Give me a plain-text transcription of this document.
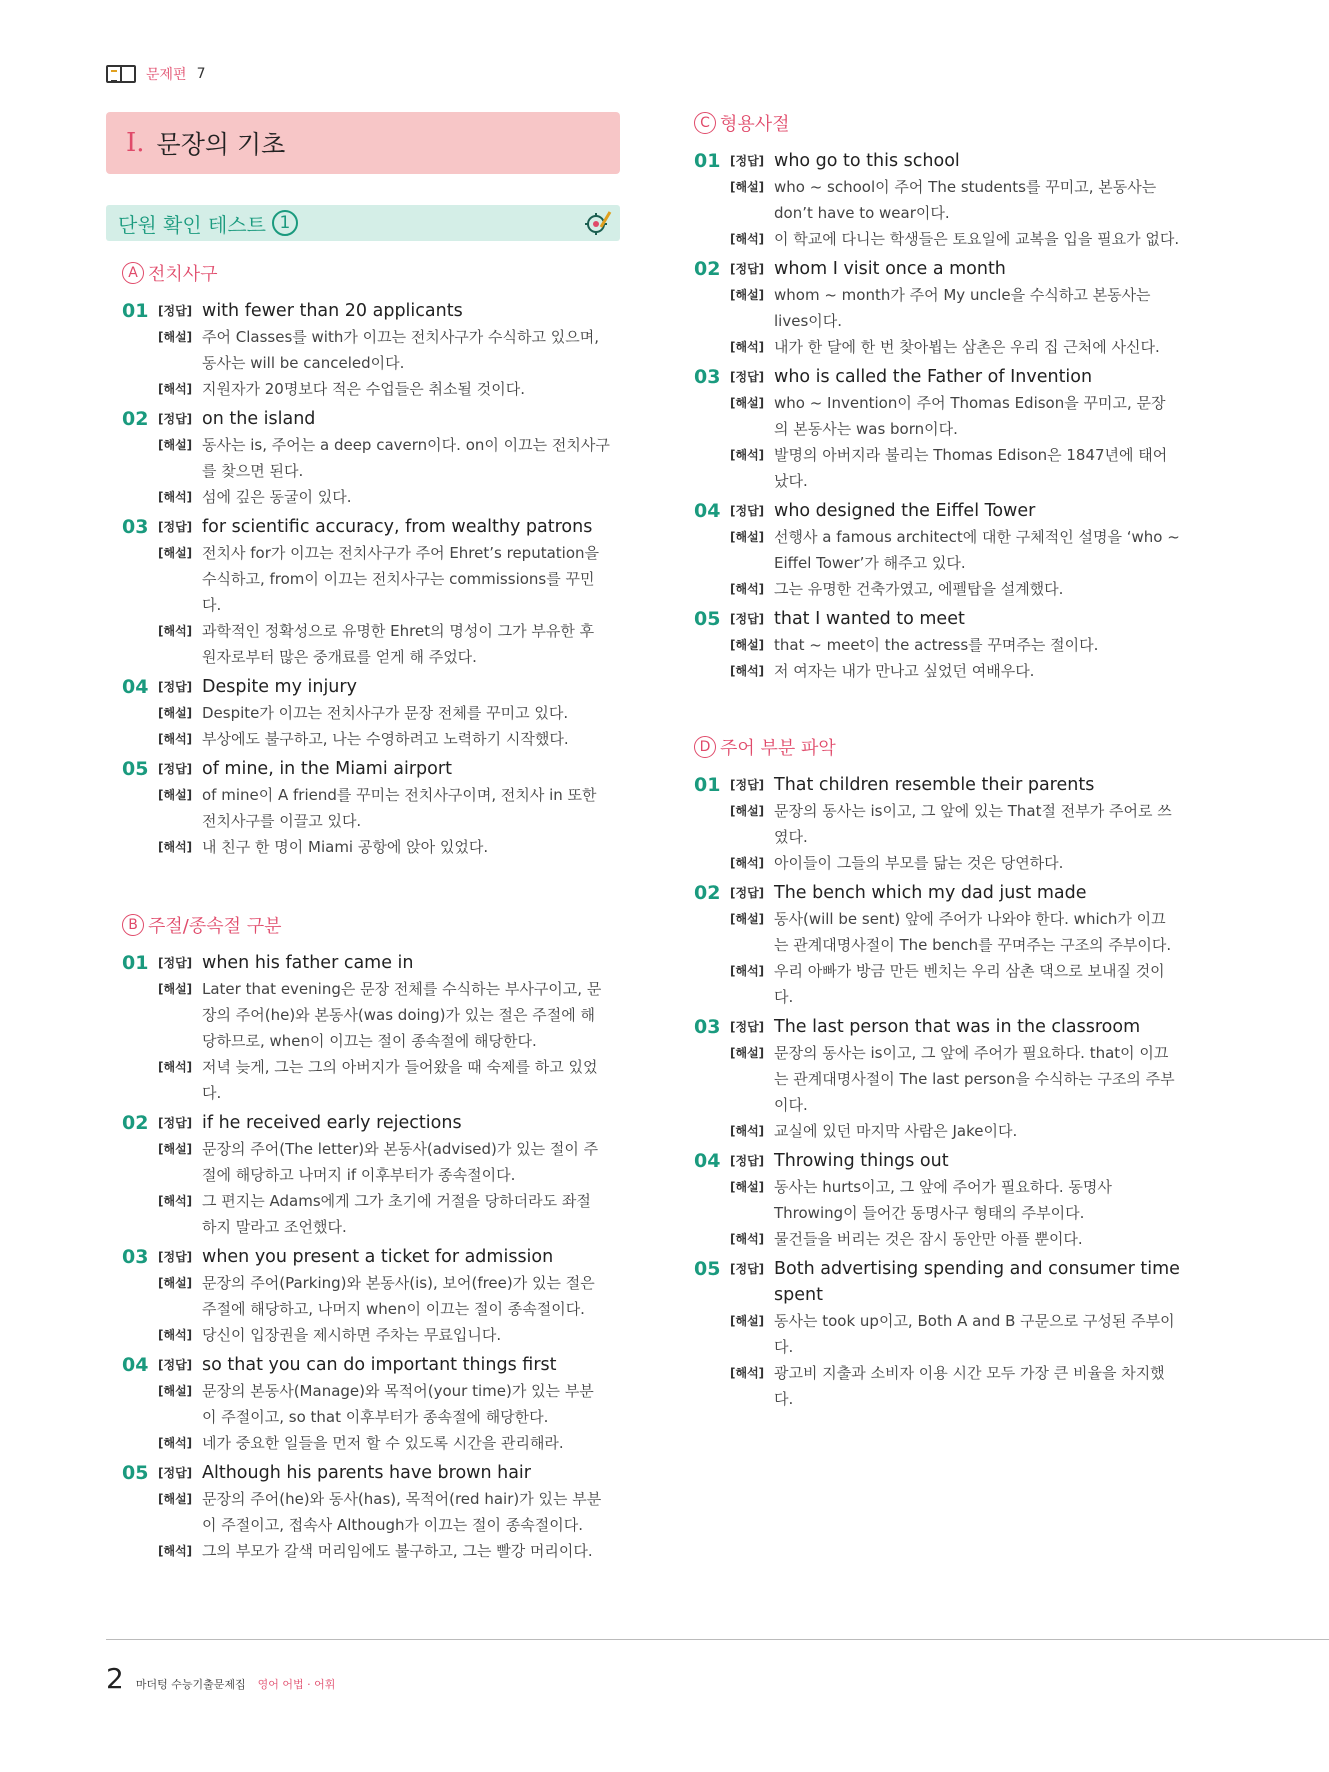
문제편 7
I. 문장의 기초
단원 확인 테스트 1
A 전치사구
01 [정답] with fewer than 20 applicants
[해설] 주어 Classes를 with가 이끄는 전치사구가 수식하고 있으며,
동사는 will be canceled이다.
[해석] 지원자가 20명보다 적은 수업들은 취소될 것이다.
02 [정답] on the island
[해설] 동사는 is, 주어는 a deep cavern이다. on이 이끄는 전치사구
를 찾으면 된다.
[해석] 섬에 깊은 동굴이 있다.
03 [정답] for scientific accuracy, from wealthy patrons
[해설] 전치사 for가 이끄는 전치사구가 주어 Ehret’s reputation을
수식하고, from이 이끄는 전치사구는 commissions를 꾸민
다.
[해석] 과학적인 정확성으로 유명한 Ehret의 명성이 그가 부유한 후
원자로부터 많은 중개료를 얻게 해 주었다.
04 [정답] Despite my injury
[해설] Despite가 이끄는 전치사구가 문장 전체를 꾸미고 있다.
[해석] 부상에도 불구하고, 나는 수영하려고 노력하기 시작했다.
05 [정답] of mine, in the Miami airport
[해설] of mine이 A friend를 꾸미는 전치사구이며, 전치사 in 또한
전치사구를 이끌고 있다.
[해석] 내 친구 한 명이 Miami 공항에 앉아 있었다.
B 주절/종속절 구분
01 [정답] when his father came in
[해설] Later that evening은 문장 전체를 수식하는 부사구이고, 문
장의 주어(he)와 본동사(was doing)가 있는 절은 주절에 해
당하므로, when이 이끄는 절이 종속절에 해당한다.
[해석] 저녁 늦게, 그는 그의 아버지가 들어왔을 때 숙제를 하고 있었
다.
02 [정답] if he received early rejections
[해설] 문장의 주어(The letter)와 본동사(advised)가 있는 절이 주
절에 해당하고 나머지 if 이후부터가 종속절이다.
[해석] 그 편지는 Adams에게 그가 초기에 거절을 당하더라도 좌절
하지 말라고 조언했다.
03 [정답] when you present a ticket for admission
[해설] 문장의 주어(Parking)와 본동사(is), 보어(free)가 있는 절은
주절에 해당하고, 나머지 when이 이끄는 절이 종속절이다.
[해석] 당신이 입장권을 제시하면 주차는 무료입니다.
04 [정답] so that you can do important things first
[해설] 문장의 본동사(Manage)와 목적어(your time)가 있는 부분
이 주절이고, so that 이후부터가 종속절에 해당한다.
[해석] 네가 중요한 일들을 먼저 할 수 있도록 시간을 관리해라.
05 [정답] Although his parents have brown hair
[해설] 문장의 주어(he)와 동사(has), 목적어(red hair)가 있는 부분
이 주절이고, 접속사 Although가 이끄는 절이 종속절이다.
[해석] 그의 부모가 갈색 머리임에도 불구하고, 그는 빨강 머리이다.
C 형용사절
01 [정답] who go to this school
[해설] who ~ school이 주어 The students를 꾸미고, 본동사는
don’t have to wear이다.
[해석] 이 학교에 다니는 학생들은 토요일에 교복을 입을 필요가 없다.
02 [정답] whom I visit once a month
[해설] whom ~ month가 주어 My uncle을 수식하고 본동사는
lives이다.
[해석] 내가 한 달에 한 번 찾아뵙는 삼촌은 우리 집 근처에 사신다.
03 [정답] who is called the Father of Invention
[해설] who ~ Invention이 주어 Thomas Edison을 꾸미고, 문장
의 본동사는 was born이다.
[해석] 발명의 아버지라 불리는 Thomas Edison은 1847년에 태어
났다.
04 [정답] who designed the Eiffel Tower
[해설] 선행사 a famous architect에 대한 구체적인 설명을 ‘who ~
Eiffel Tower’가 해주고 있다.
[해석] 그는 유명한 건축가였고, 에펠탑을 설계했다.
05 [정답] that I wanted to meet
[해설] that ~ meet이 the actress를 꾸며주는 절이다.
[해석] 저 여자는 내가 만나고 싶었던 여배우다.
D 주어 부분 파악
01 [정답] That children resemble their parents
[해설] 문장의 동사는 is이고, 그 앞에 있는 That절 전부가 주어로 쓰
였다.
[해석] 아이들이 그들의 부모를 닮는 것은 당연하다.
02 [정답] The bench which my dad just made
[해설] 동사(will be sent) 앞에 주어가 나와야 한다. which가 이끄
는 관계대명사절이 The bench를 꾸며주는 구조의 주부이다.
[해석] 우리 아빠가 방금 만든 벤치는 우리 삼촌 댁으로 보내질 것이
다.
03 [정답] The last person that was in the classroom
[해설] 문장의 동사는 is이고, 그 앞에 주어가 필요하다. that이 이끄
는 관계대명사절이 The last person을 수식하는 구조의 주부
이다.
[해석] 교실에 있던 마지막 사람은 Jake이다.
04 [정답] Throwing things out
[해설] 동사는 hurts이고, 그 앞에 주어가 필요하다. 동명사
Throwing이 들어간 동명사구 형태의 주부이다.
[해석] 물건들을 버리는 것은 잠시 동안만 아플 뿐이다.
05 [정답] Both advertising spending and consumer time spent
[해설] 동사는 took up이고, Both A and B 구문으로 구성된 주부이
다.
[해석] 광고비 지출과 소비자 이용 시간 모두 가장 큰 비율을 차지했
다.
2 마더텅 수능기출문제집 영어 어법 · 어휘
